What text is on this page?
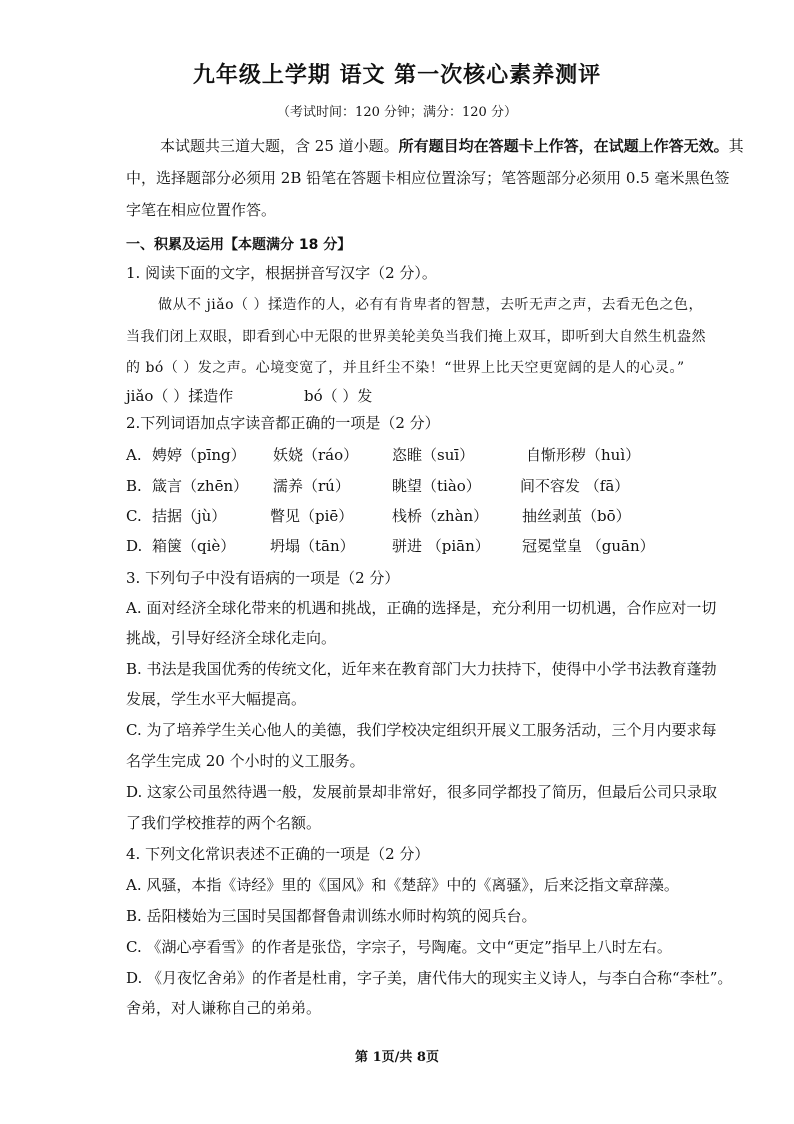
九年级上学期 语文 第一次核心素养测评
（考试时间：120 分钟；满分：120 分）
本试题共三道大题，含 25 道小题。所有题目均在答题卡上作答，在试题上作答无效。其
中，选择题部分必须用 2B 铅笔在答题卡相应位置涂写；笔答题部分必须用 0.5 毫米黑色签
字笔在相应位置作答。
一、积累及运用【本题满分 18 分】
1. 阅读下面的文字，根据拼音写汉字（2 分）。
做从不 jiǎo（ ）揉造作的人，必有有肯卑者的智慧，去听无声之声，去看无色之色，
当我们闭上双眼，即看到心中无限的世界美轮美奂当我们掩上双耳，即听到大自然生机盎然
的 bó（ ）发之声。心境变宽了，并且纤尘不染！“世界上比天空更宽阔的是人的心灵。”
jiǎo（ ）揉造作	bó（ ）发
2.下列词语加点字读音都正确的一项是（2 分）
A. 娉婷（pīng） 妖娆（ráo） 恣睢（suī）	自惭形秽（huì）
B. 箴言（zhēn） 濡养（rú）	眺望（tiào）	间不容发 （fā）
C. 拮据（jù）	瞥见（piē）	栈桥（zhàn） 抽丝剥茧（bō）
D. 箱箧（qiè） 坍塌（tān） 骈进 （piān） 冠冕堂皇 （guān）
3. 下列句子中没有语病的一项是（2 分）
A. 面对经济全球化带来的机遇和挑战，正确的选择是，充分利用一切机遇，合作应对一切
挑战，引导好经济全球化走向。
B. 书法是我国优秀的传统文化，近年来在教育部门大力扶持下，使得中小学书法教育蓬勃
发展，学生水平大幅提高。
C. 为了培养学生关心他人的美德，我们学校决定组织开展义工服务活动，三个月内要求每
名学生完成 20 个小时的义工服务。
D. 这家公司虽然待遇一般，发展前景却非常好，很多同学都投了简历，但最后公司只录取
了我们学校推荐的两个名额。
4. 下列文化常识表述不正确的一项是（2 分）
A. 风骚，本指《诗经》里的《国风》和《楚辞》中的《离骚》，后来泛指文章辞藻。
B. 岳阳楼始为三国时吴国都督鲁肃训练水师时构筑的阅兵台。
C. 《湖心亭看雪》的作者是张岱，字宗子，号陶庵。文中“更定”指早上八时左右。
D. 《月夜忆舍弟》的作者是杜甫，字子美，唐代伟大的现实主义诗人，与李白合称“李杜”。
舍弟，对人谦称自己的弟弟。
第 1页/共 8页
